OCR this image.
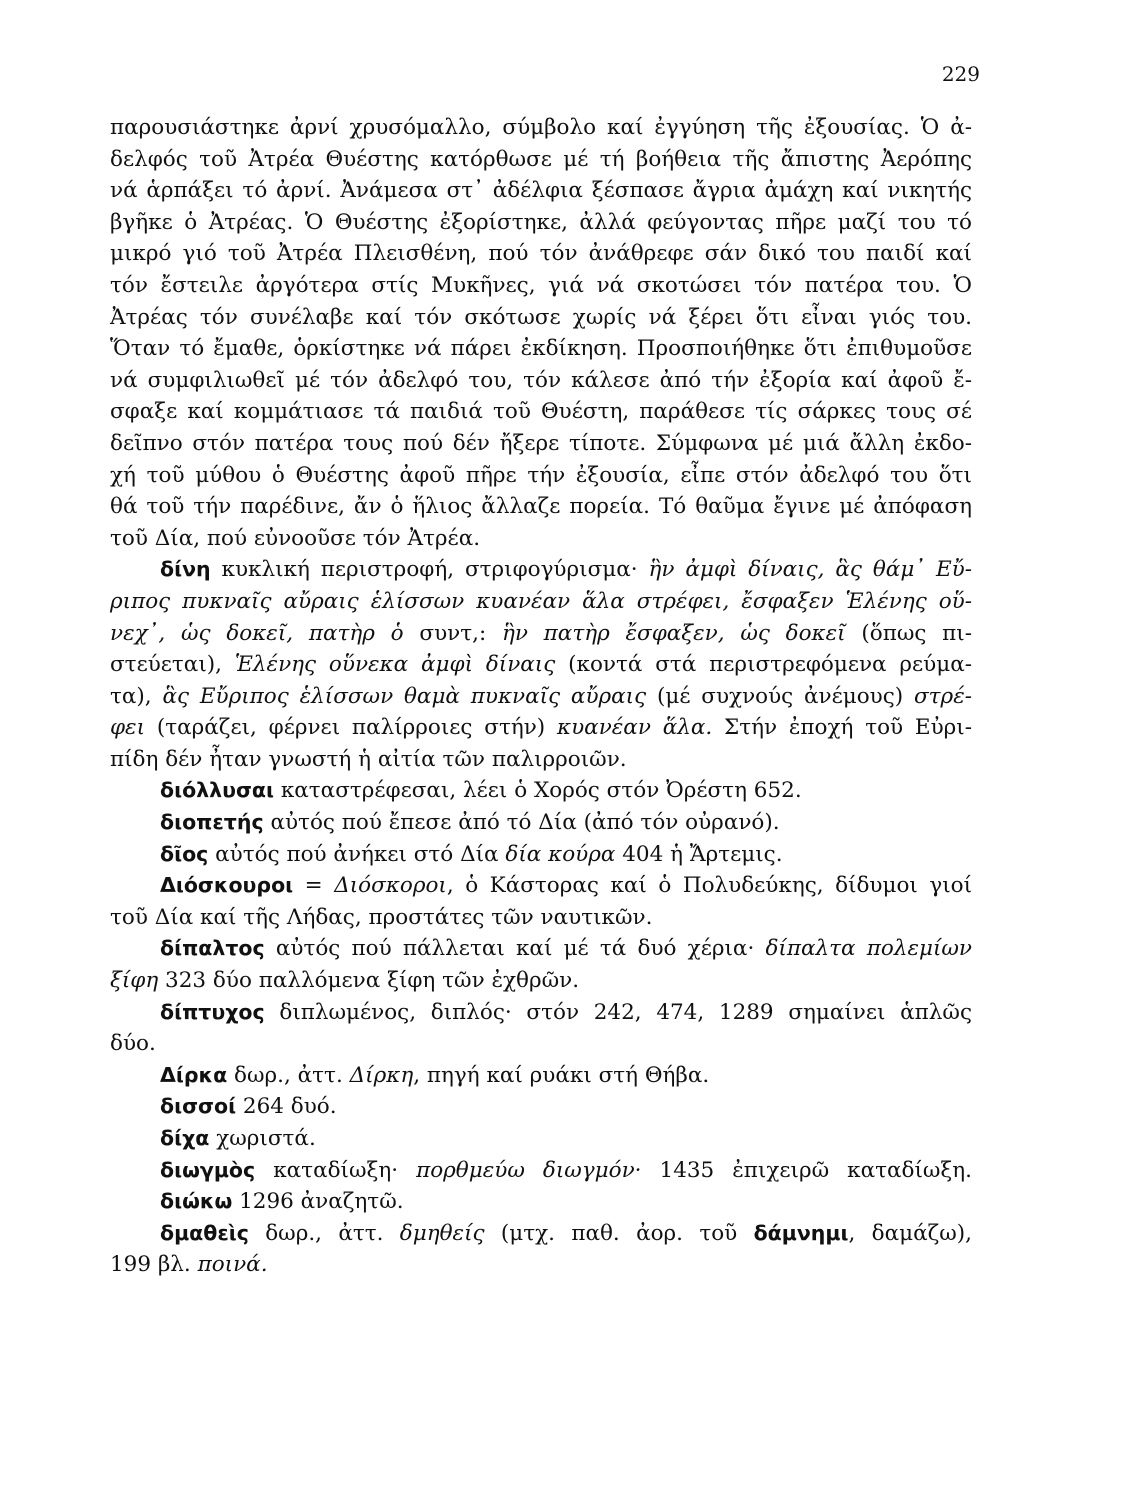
229
παρουσιάστηκε ἀρνί χρυσόμαλλο, σύμβολο καί ἐγγύηση τῆς ἐξουσίας. Ὁ ἀ-
δελφός τοῦ Ἀτρέα Θυέστης κατόρθωσε μέ τή βοήθεια τῆς ἄπιστης Ἀερόπης
νά ἁρπάξει τό ἀρνί. Ἀνάμεσα στ᾽ ἀδέλφια ξέσπασε ἄγρια ἀμάχη καί νικητής
βγῆκε ὁ Ἀτρέας. Ὁ Θυέστης ἐξορίστηκε, ἀλλά φεύγοντας πῆρε μαζί του τό
μικρό γιό τοῦ Ἀτρέα Πλεισθένη, πού τόν ἀνάθρεφε σάν δικό του παιδί καί
τόν ἔστειλε ἀργότερα στίς Μυκῆνες, γιά νά σκοτώσει τόν πατέρα του. Ὁ
Ἀτρέας τόν συνέλαβε καί τόν σκότωσε χωρίς νά ξέρει ὅτι εἶναι γιός του.
Ὅταν τό ἔμαθε, ὁρκίστηκε νά πάρει ἐκδίκηση. Προσποιήθηκε ὅτι ἐπιθυμοῦσε
νά συμφιλιωθεῖ μέ τόν ἀδελφό του, τόν κάλεσε ἀπό τήν ἐξορία καί ἀφοῦ ἔ-
σφαξε καί κομμάτιασε τά παιδιά τοῦ Θυέστη, παράθεσε τίς σάρκες τους σέ
δεῖπνο στόν πατέρα τους πού δέν ἤξερε τίποτε. Σύμφωνα μέ μιά ἄλλη ἐκδο-
χή τοῦ μύθου ὁ Θυέστης ἀφοῦ πῆρε τήν ἐξουσία, εἶπε στόν ἀδελφό του ὅτι
θά τοῦ τήν παρέδινε, ἄν ὁ ἥλιος ἄλλαζε πορεία. Τό θαῦμα ἔγινε μέ ἀπόφαση
τοῦ Δία, πού εὐνοοῦσε τόν Ἀτρέα.
δίνη κυκλική περιστροφή, στριφογύρισμα· ἣν ἀμφὶ δίναις, ἃς θάμ᾽ Εὔ-
ριπος πυκναῖς αὔραις ἑλίσσων κυανέαν ἅλα στρέφει, ἔσφαξεν Ἑλένης οὕ-
νεχ᾽, ὡς δοκεῖ, πατὴρ ὁ συντ,: ἣν πατὴρ ἔσφαξεν, ὡς δοκεῖ (ὅπως πι-
στεύεται), Ἑλένης οὕνεκα ἀμφὶ δίναις (κοντά στά περιστρεφόμενα ρεύμα-
τα), ἃς Εὔριπος ἑλίσσων θαμὰ πυκναῖς αὔραις (μέ συχνούς ἀνέμους) στρέ-
φει (ταράζει, φέρνει παλίρροιες στήν) κυανέαν ἅλα. Στήν ἐποχή τοῦ Εὐρι-
πίδη δέν ἦταν γνωστή ἡ αἰτία τῶν παλιρροιῶν.
διόλλυσαι καταστρέφεσαι, λέει ὁ Χορός στόν Ὀρέστη 652.
διοπετής αὐτός πού ἔπεσε ἀπό τό Δία (ἀπό τόν οὐρανό).
δῖος αὐτός πού ἀνήκει στό Δία δία κούρα 404 ἡ Ἄρτεμις.
Διόσκουροι = Διόσκοροι, ὁ Κάστορας καί ὁ Πολυδεύκης, δίδυμοι γιοί
τοῦ Δία καί τῆς Λήδας, προστάτες τῶν ναυτικῶν.
δίπαλτος αὐτός πού πάλλεται καί μέ τά δυό χέρια· δίπαλτα πολεμίων
ξίφη 323 δύο παλλόμενα ξίφη τῶν ἐχθρῶν.
δίπτυχος διπλωμένος, διπλός· στόν 242, 474, 1289 σημαίνει ἁπλῶς
δύο.
Δίρκα δωρ., ἀττ. Δίρκη, πηγή καί ρυάκι στή Θήβα.
δισσοί 264 δυό.
δίχα χωριστά.
διωγμὸς καταδίωξη· πορθμεύω διωγμόν· 1435 ἐπιχειρῶ καταδίωξη.
διώκω 1296 ἀναζητῶ.
δμαθεὶς δωρ., ἀττ. δμηθείς (μτχ. παθ. ἀορ. τοῦ δάμνημι, δαμάζω),
199 βλ. ποινά.
